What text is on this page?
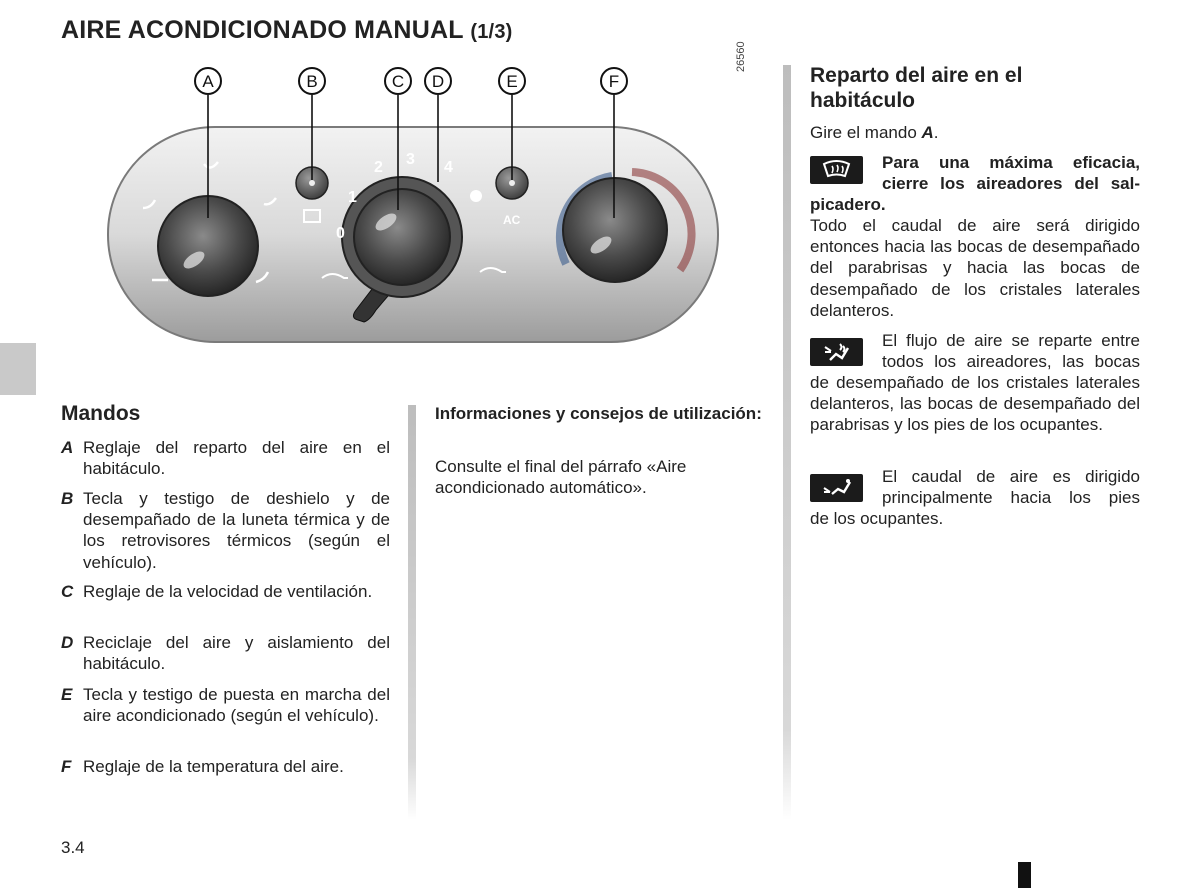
AIRE ACONDICIONADO MANUAL (1/3)
26560
0
1
2 3 4
AC
A	B	C D	E	F
Mandos
A Reglaje del reparto del aire en el habitáculo.
B Tecla y testigo de deshielo y de desempañado de la luneta térmica y de los retrovisores térmicos (según el vehículo).
C Reglaje de la velocidad de ventilación.
D Reciclaje del aire y aislamiento del habitáculo.
E Tecla y testigo de puesta en marcha del aire acondicionado (según el vehículo).
F Reglaje de la temperatura del aire.
Informaciones y consejos de utilización:
Consulte el final del párrafo «Aire acondicionado automático».
Reparto del aire en el
habitáculo
Gire el mando A.
Para una máxima eficacia,
cierre los aireadores del sal-
picadero.
Todo el caudal de aire será dirigido entonces hacia las bocas de desempañado del parabrisas y hacia las bocas de desempañado de los cristales laterales delanteros.
El flujo de aire se reparte entre
todos los aireadores, las bocas
de desempañado de los cristales laterales delanteros, las bocas de desempañado del parabrisas y los pies de los ocupantes.
El caudal de aire es dirigido
principalmente hacia los pies
de los ocupantes.
3.4
